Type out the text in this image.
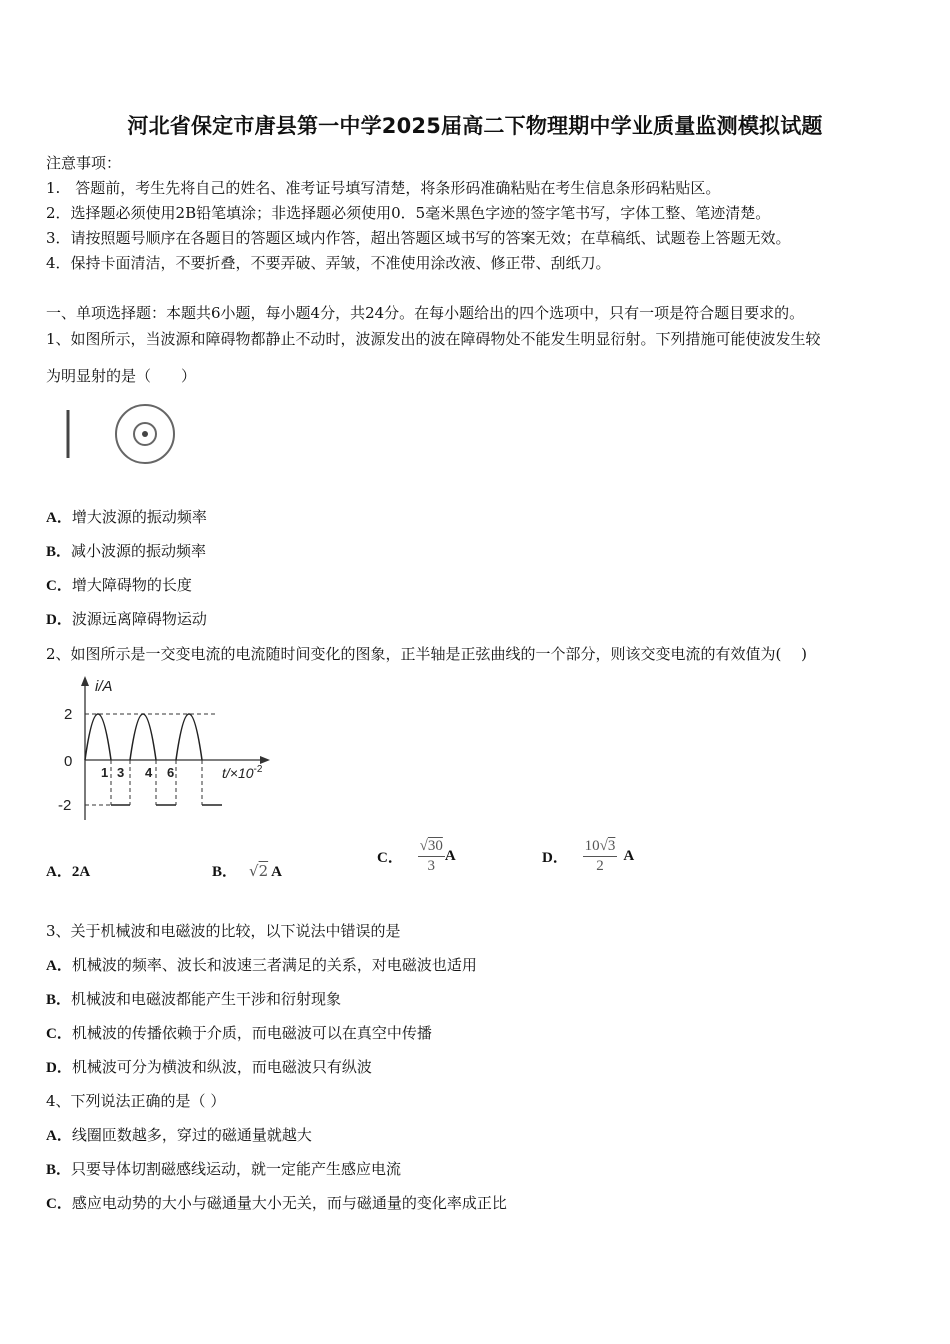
河北省保定市唐县第一中学2025届高二下物理期中学业质量监测模拟试题
注意事项：
1.　答题前，考生先将自己的姓名、准考证号填写清楚，将条形码准确粘贴在考生信息条形码粘贴区。
2．选择题必须使用2B铅笔填涂；非选择题必须使用0．5毫米黑色字迹的签字笔书写，字体工整、笔迹清楚。
3．请按照题号顺序在各题目的答题区域内作答，超出答题区域书写的答案无效；在草稿纸、试题卷上答题无效。
4．保持卡面清洁，不要折叠，不要弄破、弄皱，不准使用涂改液、修正带、刮纸刀。
一、单项选择题：本题共6小题，每小题4分，共24分。在每小题给出的四个选项中，只有一项是符合题目要求的。
1、如图所示，当波源和障碍物都静止不动时，波源发出的波在障碍物处不能发生明显衍射。下列措施可能使波发生较
为明显射的是（　　）
A．增大波源的振动频率
B．减小波源的振动频率
C．增大障碍物的长度
D．波源远离障碍物运动
2、如图所示是一交变电流的电流随时间变化的图象，正半轴是正弦曲线的一个部分，则该交变电流的有效值为(　 )
i/A
2
0
-2
1 3 4 6	$t/\times 10^{-2}$
A．2A	B． √2 A
C． $\frac{√30}{3}$ A	D． $\frac{10√3}{2}$ A
3、关于机械波和电磁波的比较，以下说法中错误的是
A．机械波的频率、波长和波速三者满足的关系，对电磁波也适用
B．机械波和电磁波都能产生干涉和衍射现象
C．机械波的传播依赖于介质，而电磁波可以在真空中传播
D．机械波可分为横波和纵波，而电磁波只有纵波
4、下列说法正确的是（ ）
A．线圈匝数越多，穿过的磁通量就越大
B．只要导体切割磁感线运动，就一定能产生感应电流
C．感应电动势的大小与磁通量大小无关，而与磁通量的变化率成正比
